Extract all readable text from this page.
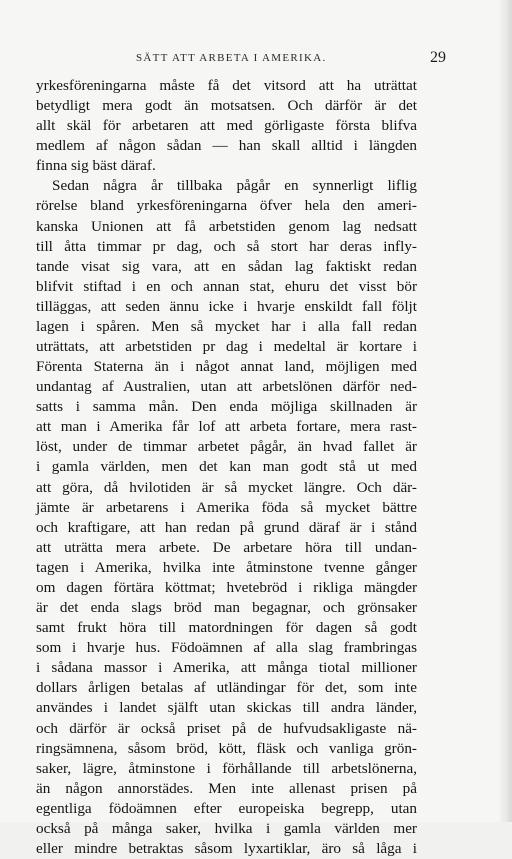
SÄTT ATT ARBETA I AMERIKA.	29
yrkesföreningarna måste få det vitsord att ha uträttat
betydligt mera godt än motsatsen. Och därför är det
allt skäl för arbetaren att med görligaste första blifva
medlem af någon sådan — han skall alltid i längden
finna sig bäst däraf.
Sedan några år tillbaka pågår en synnerligt liflig
rörelse bland yrkesföreningarna öfver hela den ameri-
kanska Unionen att få arbetstiden genom lag nedsatt
till åtta timmar pr dag, och så stort har deras infly-
tande visat sig vara, att en sådan lag faktiskt redan
blifvit stiftad i en och annan stat, ehuru det visst bör
tilläggas, att seden ännu icke i hvarje enskildt fall följt
lagen i spåren. Men så mycket har i alla fall redan
uträttats, att arbetstiden pr dag i medeltal är kortare i
Förenta Staterna än i något annat land, möjligen med
undantag af Australien, utan att arbetslönen därför ned-
satts i samma mån. Den enda möjliga skillnaden är
att man i Amerika får lof att arbeta fortare, mera rast-
löst, under de timmar arbetet pågår, än hvad fallet är
i gamla världen, men det kan man godt stå ut med
att göra, då hvilotiden är så mycket längre. Och där-
jämte är arbetarens i Amerika föda så mycket bättre
och kraftigare, att han redan på grund däraf är i stånd
att uträtta mera arbete. De arbetare höra till undan-
tagen i Amerika, hvilka inte åtminstone tvenne gånger
om dagen förtära köttmat; hvetebröd i rikliga mängder
är det enda slags bröd man begagnar, och grönsaker
samt frukt höra till matordningen för dagen så godt
som i hvarje hus. Födoämnen af alla slag frambringas
i sådana massor i Amerika, att många tiotal millioner
dollars årligen betalas af utländingar för det, som inte
användes i landet själft utan skickas till andra länder,
och därför är också priset på de hufvudsakligaste nä-
ringsämnena, såsom bröd, kött, fläsk och vanliga grön-
saker, lägre, åtminstone i förhållande till arbetslönerna,
än någon annorstädes. Men inte allenast prisen på
egentliga födoämnen efter europeiska begrepp, utan
också på många saker, hvilka i gamla världen mer
eller mindre betraktas såsom lyxartiklar, äro så låga i
